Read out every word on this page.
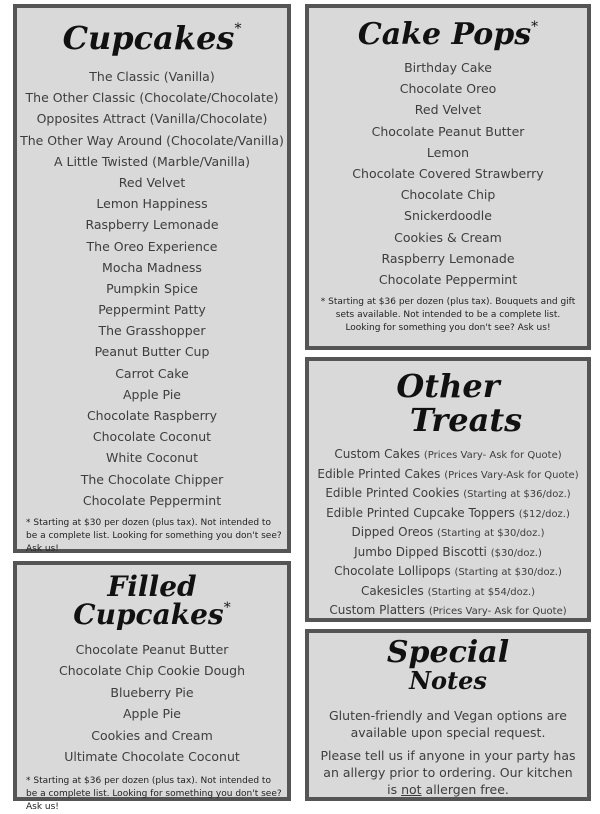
Cupcakes*
The Classic (Vanilla)
The Other Classic (Chocolate/Chocolate)
Opposites Attract (Vanilla/Chocolate)
The Other Way Around (Chocolate/Vanilla)
A Little Twisted (Marble/Vanilla)
Red Velvet
Lemon Happiness
Raspberry Lemonade
The Oreo Experience
Mocha Madness
Pumpkin Spice
Peppermint Patty
The Grasshopper
Peanut Butter Cup
Carrot Cake
Apple Pie
Chocolate Raspberry
Chocolate Coconut
White Coconut
The Chocolate Chipper
Chocolate Peppermint
* Starting at $30 per dozen (plus tax). Not intended to be a complete list. Looking for something you don't see? Ask us!
Cake Pops*
Birthday Cake
Chocolate Oreo
Red Velvet
Chocolate Peanut Butter
Lemon
Chocolate Covered Strawberry
Chocolate Chip
Snickerdoodle
Cookies & Cream
Raspberry Lemonade
Chocolate Peppermint
* Starting at $36 per dozen (plus tax). Bouquets and gift sets available. Not intended to be a complete list. Looking for something you don't see? Ask us!
Filled
Cupcakes*
Chocolate Peanut Butter
Chocolate Chip Cookie Dough
Blueberry Pie
Apple Pie
Cookies and Cream
Ultimate Chocolate Coconut
* Starting at $36 per dozen (plus tax). Not intended to be a complete list. Looking for something you don't see? Ask us!
Other
Treats
Custom Cakes (Prices Vary- Ask for Quote)
Edible Printed Cakes (Prices Vary-Ask for Quote)
Edible Printed Cookies (Starting at $36/doz.)
Edible Printed Cupcake Toppers ($12/doz.)
Dipped Oreos (Starting at $30/doz.)
Jumbo Dipped Biscotti ($30/doz.)
Chocolate Lollipops (Starting at $30/doz.)
Cakesicles (Starting at $54/doz.)
Custom Platters (Prices Vary- Ask for Quote)
Special
Notes
Gluten-friendly and Vegan options are available upon special request.
Please tell us if anyone in your party has an allergy prior to ordering. Our kitchen is not allergen free.
